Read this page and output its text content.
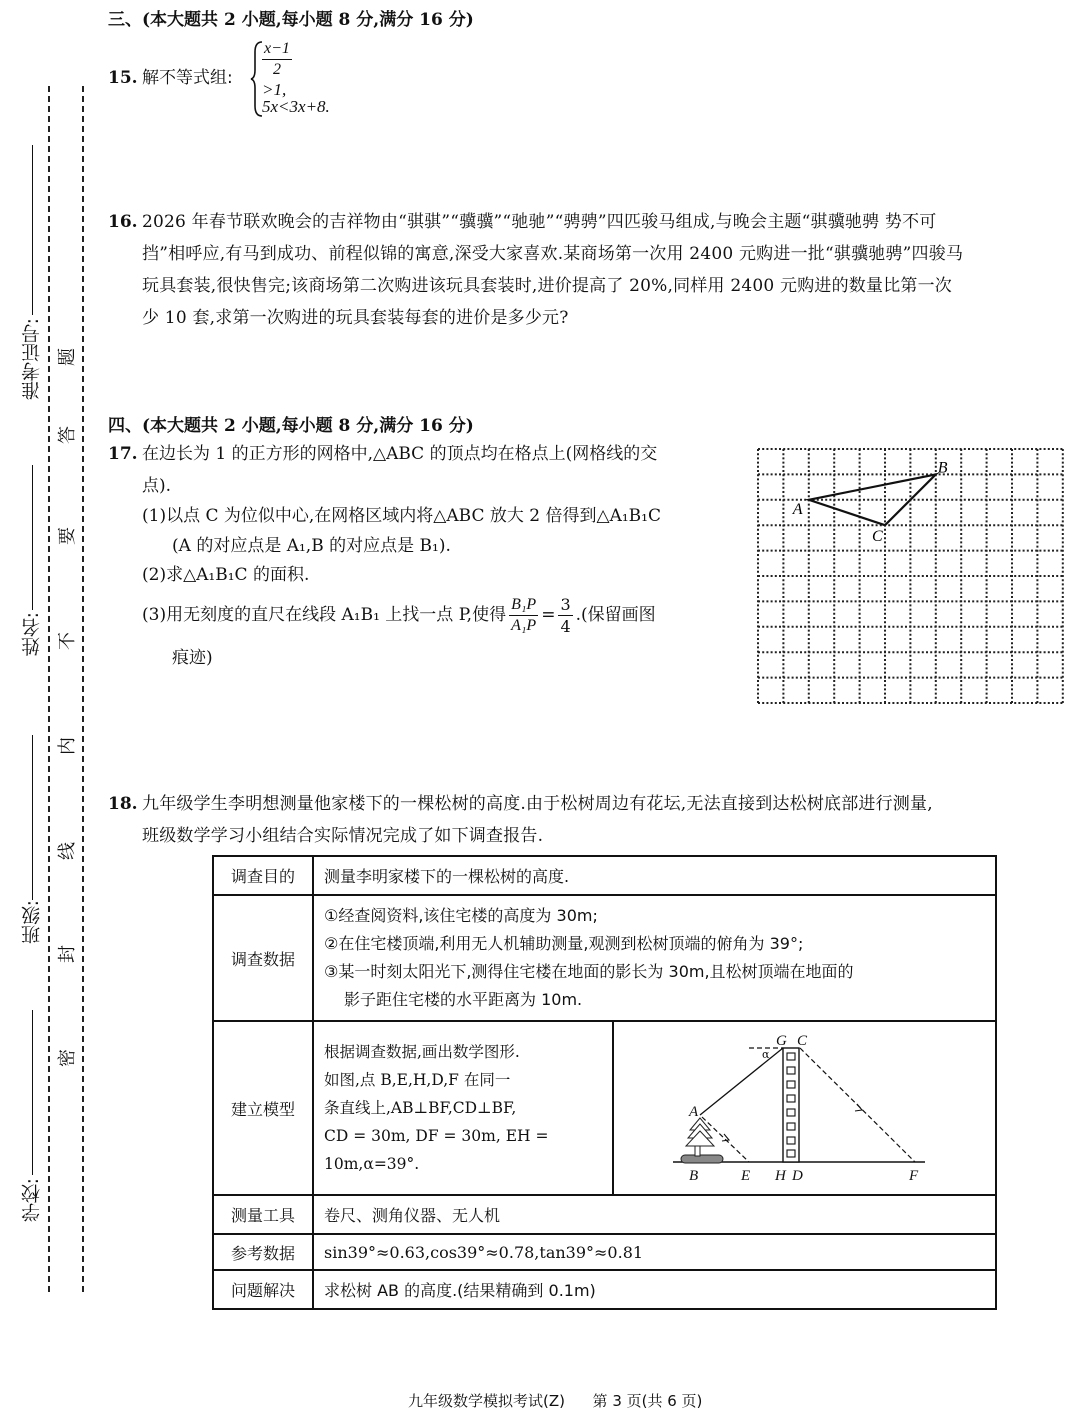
准考证号:
姓名:
班级:
学校:
题
答
要
不
内
线
封
密
三、(本大题共 2 小题,每小题 8 分,满分 16 分)
15. 解不等式组: $\frac{x-1}{2}$
>1,
5x<3x+8.
16. 2026 年春节联欢晚会的吉祥物由“骐骐”“骥骥”“驰驰”“骋骋”四匹骏马组成,与晚会主题“骐骥驰骋 势不可
挡”相呼应,有马到成功、前程似锦的寓意,深受大家喜欢.某商场第一次用 2400 元购进一批“骐骥驰骋”四骏马
玩具套装,很快售完;该商场第二次购进该玩具套装时,进价提高了 20%,同样用 2400 元购进的数量比第一次
少 10 套,求第一次购进的玩具套装每套的进价是多少元?
四、(本大题共 2 小题,每小题 8 分,满分 16 分)
17. 在边长为 1 的正方形的网格中,△ABC 的顶点均在格点上(网格线的交
点).
(1)以点 C 为位似中心,在网格区域内将△ABC 放大 2 倍得到△A₁B₁C
(A 的对应点是 A₁,B 的对应点是 B₁).
(2)求△A₁B₁C 的面积.
(3)用无刻度的直尺在线段 A₁B₁ 上找一点 P,使得 $\frac{\text{B₁P}}{\text{A₁P}} = \frac{3}{4}$ .(保留画图
痕迹)
A
B
C
18. 九年级学生李明想测量他家楼下的一棵松树的高度.由于松树周边有花坛,无法直接到达松树底部进行测量,
班级数学学习小组结合实际情况完成了如下调查报告.
调查目的	测量李明家楼下的一棵松树的高度.	
调查数据	①经查阅资料,该住宅楼的高度为 30m;
②在住宅楼顶端,利用无人机辅助测量,观测到松树顶端的俯角为 39°;
③某一时刻太阳光下,测得住宅楼在地面的影长为 30m,且松树顶端在地面的
影子距住宅楼的水平距离为 10m.	

建立模型	根据调查数据,画出数学图形.
如图,点 B,E,H,D,F 在同一
条直线上,AB⊥BF,CD⊥BF,
CD = 30m, DF = 30m, EH =
10m,α=39°.	

测量工具	卷尺、测角仪器、无人机	
参考数据	sin39°≈0.63,cos39°≈0.78,tan39°≈0.81	
问题解决	求松树 AB 的高度.(结果精确到 0.1m)	
G C
A
B	E H D	F
α
九年级数学模拟考试(Z) 第 3 页(共 6 页)
